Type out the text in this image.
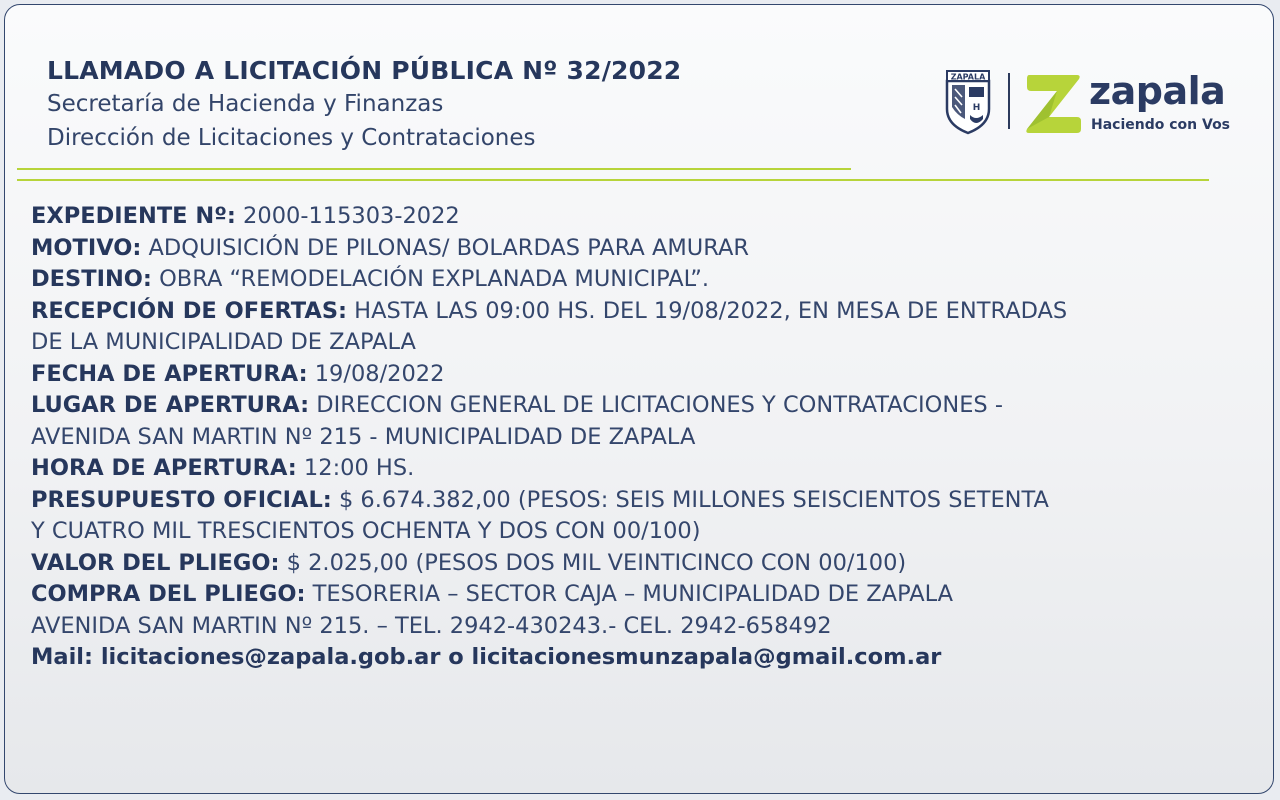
LLAMADO A LICITACIÓN PÚBLICA Nº 32/2022
Secretaría de Hacienda y Finanzas
Dirección de Licitaciones y Contrataciones
ZAPALA
H	zapala
Haciendo con Vos
EXPEDIENTE Nº: 2000-115303-2022
MOTIVO: ADQUISICIÓN DE PILONAS/ BOLARDAS PARA AMURAR
DESTINO: OBRA “REMODELACIÓN EXPLANADA MUNICIPAL”.
RECEPCIÓN DE OFERTAS: HASTA LAS 09:00 HS. DEL 19/08/2022, EN MESA DE ENTRADAS
DE LA MUNICIPALIDAD DE ZAPALA
FECHA DE APERTURA: 19/08/2022
LUGAR DE APERTURA: DIRECCION GENERAL DE LICITACIONES Y CONTRATACIONES -
AVENIDA SAN MARTIN Nº 215 - MUNICIPALIDAD DE ZAPALA
HORA DE APERTURA: 12:00 HS.
PRESUPUESTO OFICIAL: $ 6.674.382,00 (PESOS: SEIS MILLONES SEISCIENTOS SETENTA
Y CUATRO MIL TRESCIENTOS OCHENTA Y DOS CON 00/100)
VALOR DEL PLIEGO: $ 2.025,00 (PESOS DOS MIL VEINTICINCO CON 00/100)
COMPRA DEL PLIEGO: TESORERIA – SECTOR CAJA – MUNICIPALIDAD DE ZAPALA
AVENIDA SAN MARTIN Nº 215. – TEL. 2942-430243.- CEL. 2942-658492
Mail: licitaciones@zapala.gob.ar o licitacionesmunzapala@gmail.com.ar
